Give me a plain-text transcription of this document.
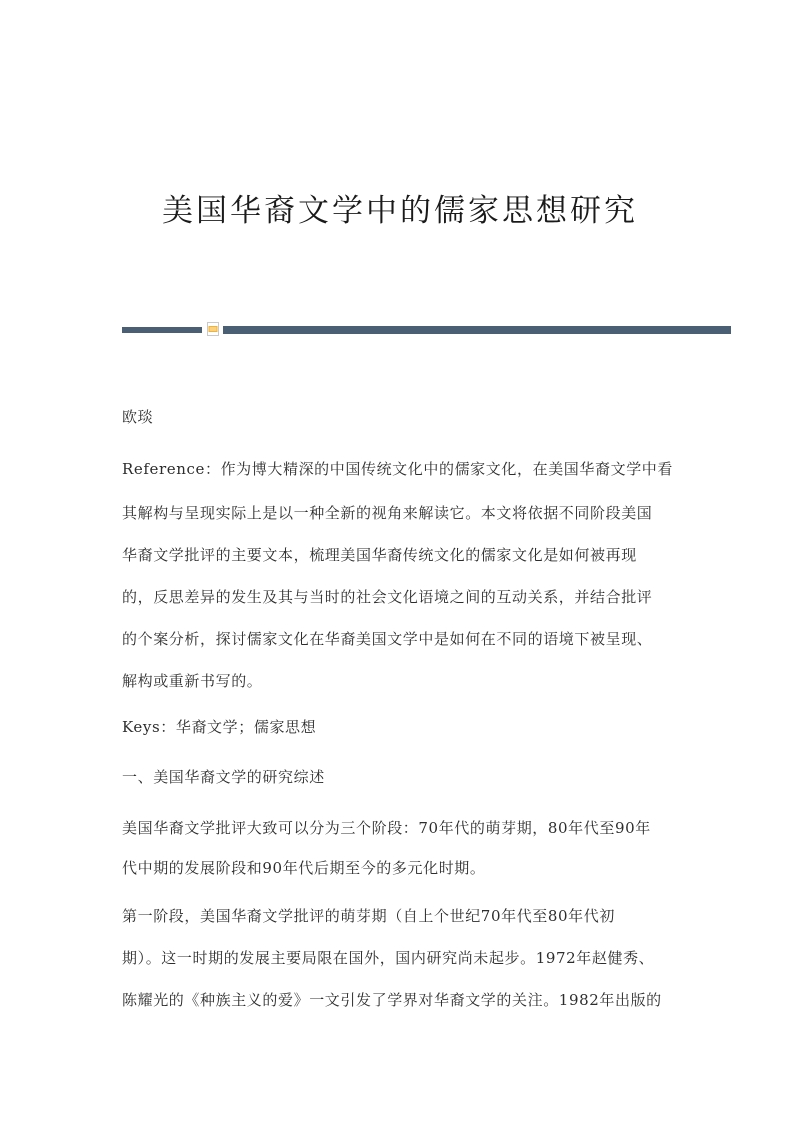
美国华裔文学中的儒家思想研究
欧琰
Reference：作为博大精深的中国传统文化中的儒家文化，在美国华裔文学中看
其解构与呈现实际上是以一种全新的视角来解读它。本文将依据不同阶段美国
华裔文学批评的主要文本，梳理美国华裔传统文化的儒家文化是如何被再现
的，反思差异的发生及其与当时的社会文化语境之间的互动关系，并结合批评
的个案分析，探讨儒家文化在华裔美国文学中是如何在不同的语境下被呈现、
解构或重新书写的。
Keys：华裔文学；儒家思想
一、美国华裔文学的研究综述
美国华裔文学批评大致可以分为三个阶段：70年代的萌芽期，80年代至90年
代中期的发展阶段和90年代后期至今的多元化时期。
第一阶段，美国华裔文学批评的萌芽期（自上个世纪70年代至80年代初
期）。这一时期的发展主要局限在国外，国内研究尚未起步。1972年赵健秀、
陈耀光的《种族主义的爱》一文引发了学界对华裔文学的关注。1982年出版的
